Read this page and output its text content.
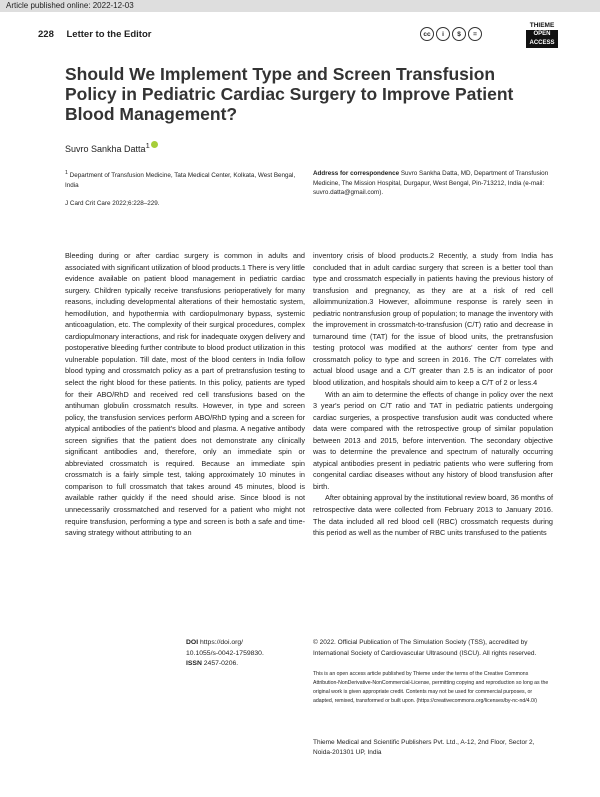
Article published online: 2022-12-03
228 Letter to the Editor	cc	i	$	=
THIEME
OPEN
ACCESS
Should We Implement Type and Screen Transfusion Policy in Pediatric Cardiac Surgery to Improve Patient Blood Management?
Suvro Sankha Datta$^1$
$^1$ Department of Transfusion Medicine, Tata Medical Center, Kolkata, West Bengal, India
Address for correspondence Suvro Sankha Datta, MD, Department of Transfusion Medicine, The Mission Hospital, Durgapur, West Bengal, Pin-713212, India (e-mail: suvro.datta@gmail.com).
J Card Crit Care 2022;6:228–229.

Bleeding during or after cardiac surgery is common in adults and associated with significant utilization of blood products.1 There is very little evidence available on patient blood management in pediatric cardiac surgery. Children typically receive transfusions perioperatively for many reasons, including developmental alterations of their hemostatic system, hemodilution, and hypothermia with cardiopulmonary bypass, systemic anticoagulation, etc. The complexity of their surgical procedures, complex cardiopulmonary interactions, and risk for inadequate oxygen delivery and postoperative bleeding further contribute to blood product utilization in this vulnerable population. Till date, most of the blood centers in India follow blood typing and crossmatch policy as a part of pretransfusion testing to select the right blood for these patients. In this policy, patients are typed for their ABO/RhD and received red cell transfusions based on the antihuman globulin crossmatch results. However, in type and screen policy, the transfusion services perform ABO/RhD typing and a screen for atypical antibodies of the patient's blood and plasma. A negative antibody screen signifies that the patient does not demonstrate any clinically significant antibodies and, therefore, only an immediate spin or abbreviated crossmatch is required. Because an immediate spin crossmatch is a fairly simple test, taking approximately 10 minutes in comparison to full crossmatch that takes around 45 minutes, blood is available rather quickly if the need should arise. Since blood is not unnecessarily crossmatched and reserved for a patient who might not require transfusion, performing a type and screen is both a safe and time-saving strategy without attributing to an

inventory crisis of blood products.2 Recently, a study from India has concluded that in adult cardiac surgery that screen is a better tool than type and crossmatch especially in patients having the previous history of transfusion and pregnancy, as they are at a risk of red cell alloimmunization.3 However, alloimmune response is rarely seen in pediatric nontransfusion group of population; to manage the inventory with the improvement in crossmatch-to-transfusion (C/T) ratio and decrease in turnaround time (TAT) for the issue of blood units, the pretransfusion testing protocol was modified at the authors' center from type and crossmatch policy to type and screen in 2016. The C/T correlates with actual blood usage and a C/T greater than 2.5 is an indicator of poor blood utilization, and hospitals should aim to keep a C/T of 2 or less.4

With an aim to determine the effects of change in policy over the next 3 year's period on C/T ratio and TAT in pediatric patients undergoing cardiac surgeries, a prospective transfusion audit was conducted where data were compared with the retrospective group of similar population between 2013 and 2015, before intervention. The secondary objective was to determine the prevalence and spectrum of naturally occurring atypical antibodies present in pediatric patients who were suffering from congenital cardiac diseases without any history of blood transfusion after birth.

After obtaining approval by the institutional review board, 36 months of retrospective data were collected from February 2013 to January 2016. The data included all red blood cell (RBC) crossmatch requests during this period as well as the number of RBC units transfused to the patients

DOI https://doi.org/
10.1055/s-0042-1759830.
ISSN 2457-0206.
© 2022. Official Publication of The Simulation Society (TSS), accredited by International Society of Cardiovascular Ultrasound (ISCU). All rights reserved.
This is an open access article published by Thieme under the terms of the Creative Commons Attribution-NonDerivative-NonCommercial-License, permitting copying and reproduction so long as the original work is given appropriate credit. Contents may not be used for commercial purposes, or adapted, remixed, transformed or built upon. (https://creativecommons.org/licenses/by-nc-nd/4.0/)
Thieme Medical and Scientific Publishers Pvt. Ltd., A-12, 2nd Floor, Sector 2, Noida-201301 UP, India
